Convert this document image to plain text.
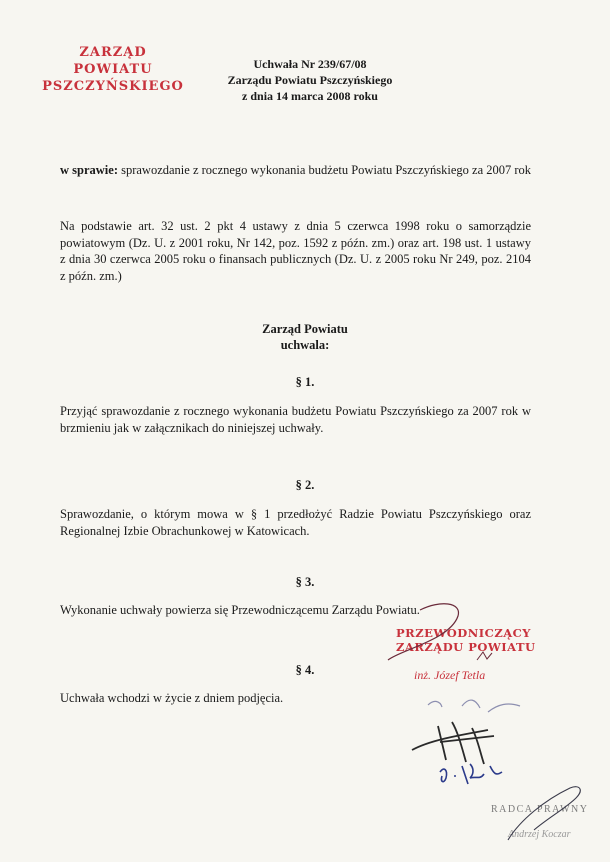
ZARZĄD POWIATU
PSZCZYŃSKIEGO
Uchwała Nr 239/67/08
Zarządu Powiatu Pszczyńskiego
z dnia 14 marca 2008 roku
w sprawie: sprawozdanie z rocznego wykonania budżetu Powiatu Pszczyńskiego za 2007 rok
Na podstawie art. 32 ust. 2 pkt 4 ustawy z dnia 5 czerwca 1998 roku o samorządzie powiatowym (Dz. U. z 2001 roku, Nr 142, poz. 1592 z późn. zm.) oraz art. 198 ust. 1 ustawy z dnia 30 czerwca 2005 roku o finansach publicznych (Dz. U. z 2005 roku Nr 249, poz. 2104 z późn. zm.)
Zarząd Powiatu
uchwala:
§ 1.
Przyjąć sprawozdanie z rocznego wykonania budżetu Powiatu Pszczyńskiego za 2007 rok w brzmieniu jak w załącznikach do niniejszej uchwały.
§ 2.
Sprawozdanie, o którym mowa w § 1 przedłożyć Radzie Powiatu Pszczyńskiego oraz Regionalnej Izbie Obrachunkowej w Katowicach.
§ 3.
Wykonanie uchwały powierza się Przewodniczącemu Zarządu Powiatu.
§ 4.
Uchwała wchodzi w życie z dniem podjęcia.
PRZEWODNICZĄCY
ZARZĄDU POWIATU
inż. Józef Tetla
RADCA PRAWNY
Andrzej Koczar
